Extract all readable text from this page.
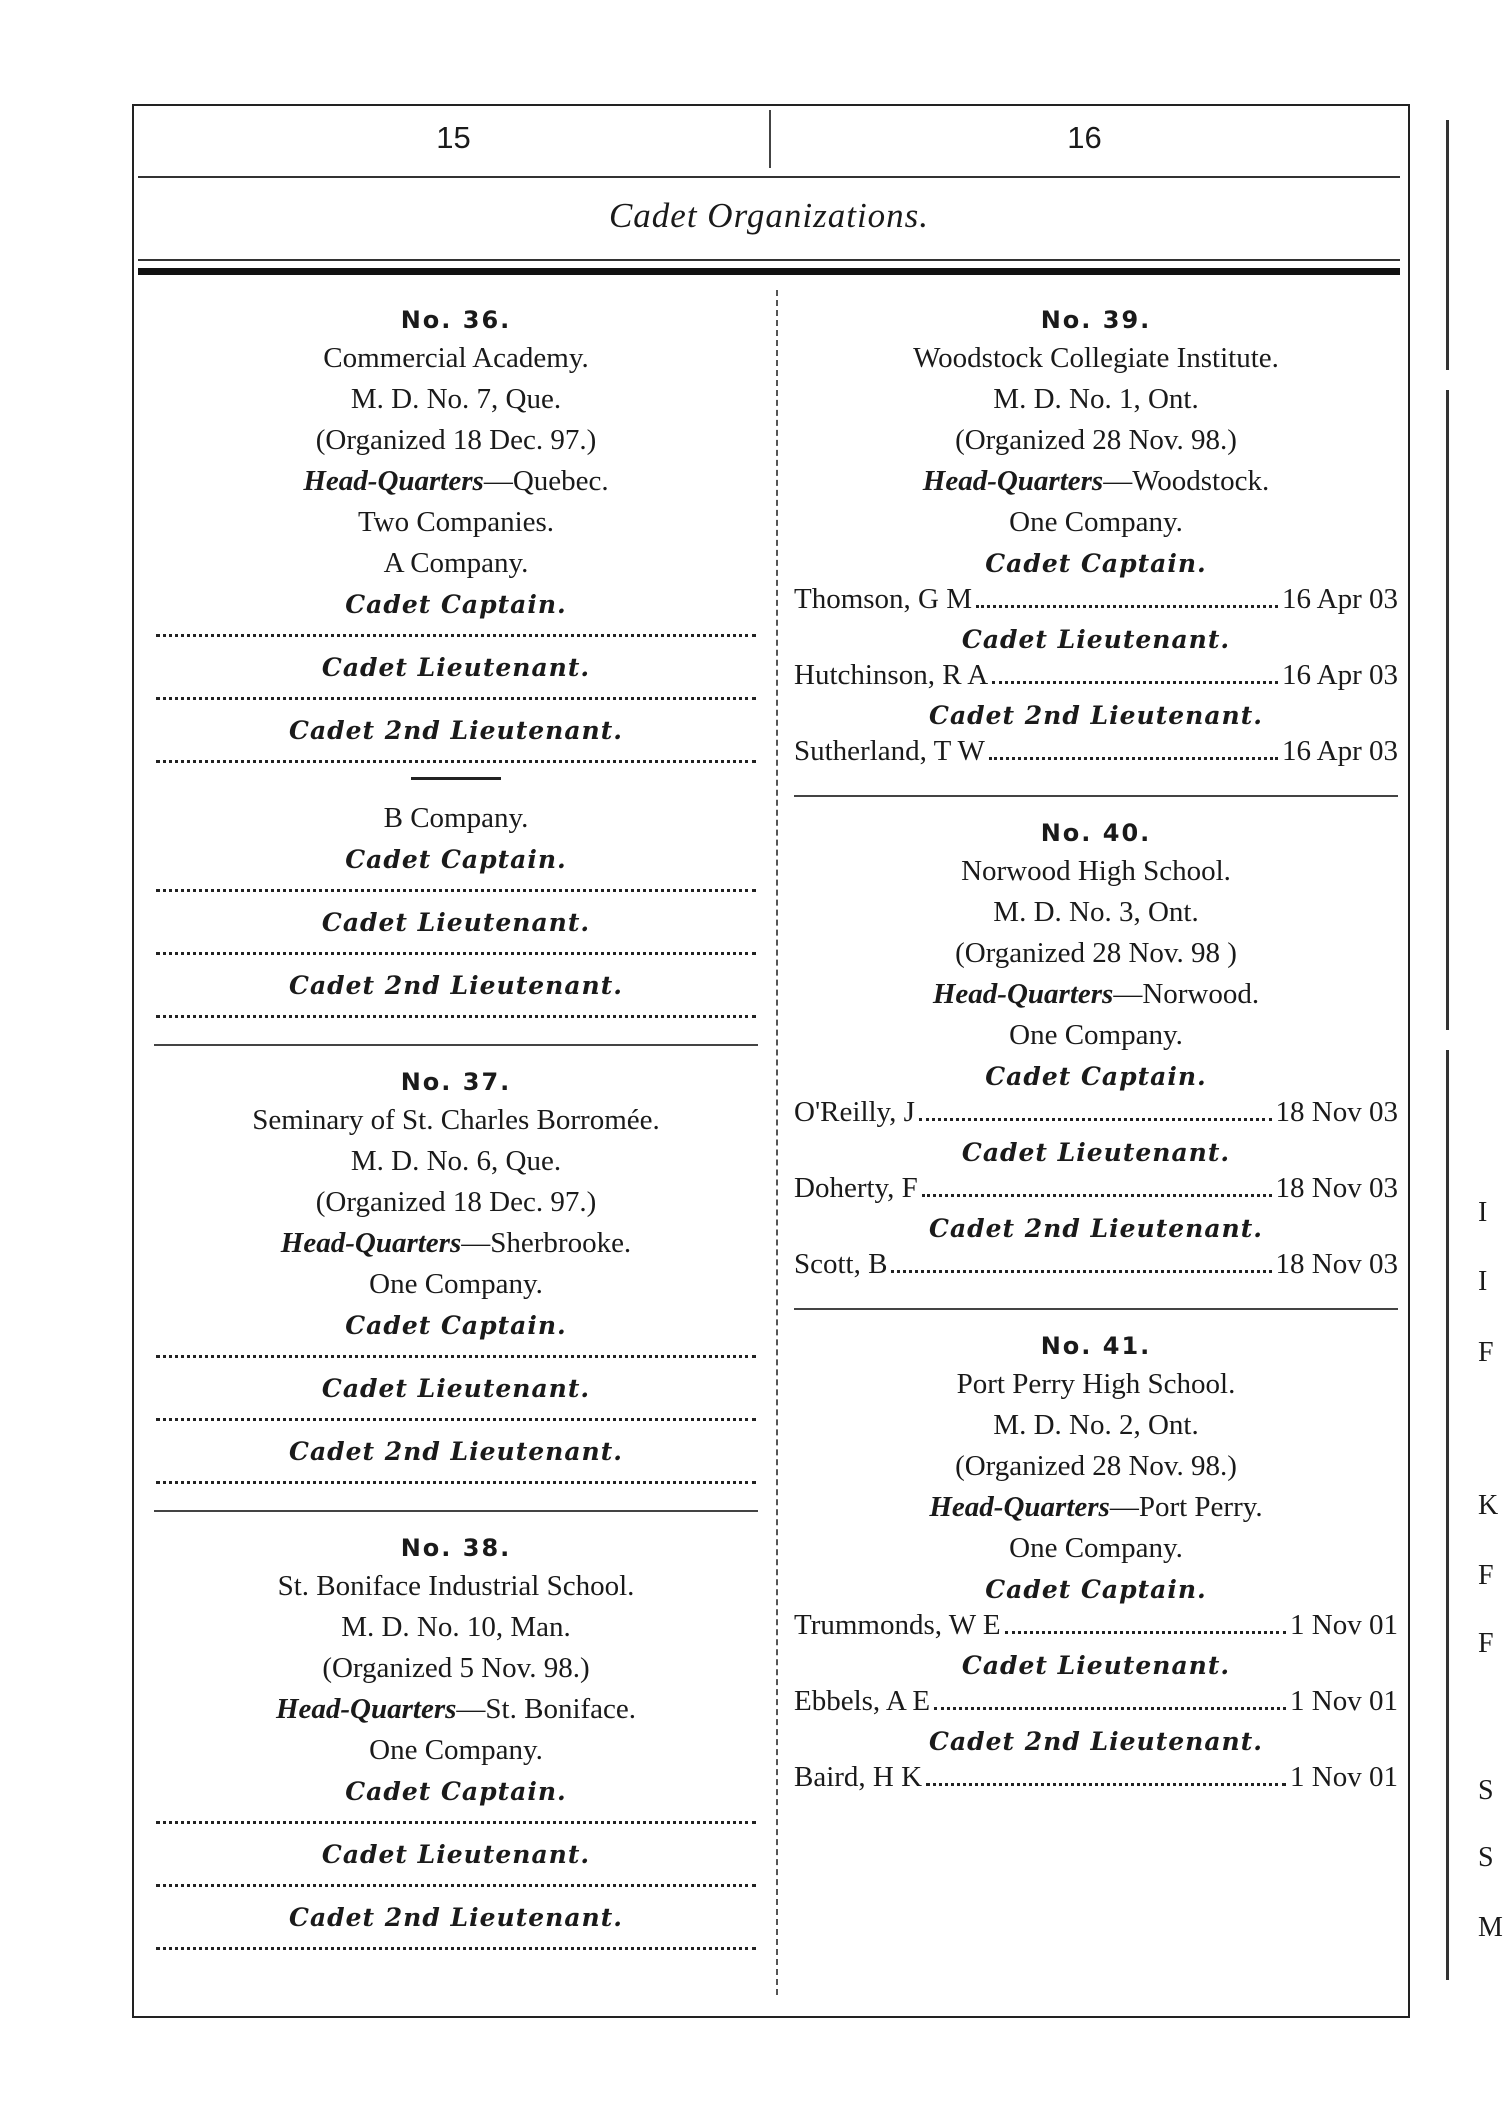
15	16
Cadet Organizations.
No. 36.
Commercial Academy.
M. D. No. 7, Que.
(Organized 18 Dec. 97.)
Head-Quarters—Quebec.
Two Companies.
A Company.
Cadet Captain.
Cadet Lieutenant.
Cadet 2nd Lieutenant.
B Company.
Cadet Captain.
Cadet Lieutenant.
Cadet 2nd Lieutenant.
No. 37.
Seminary of St. Charles Borromée.
M. D. No. 6, Que.
(Organized 18 Dec. 97.)
Head-Quarters—Sherbrooke.
One Company.
Cadet Captain.
Cadet Lieutenant.
Cadet 2nd Lieutenant.
No. 38.
St. Boniface Industrial School.
M. D. No. 10, Man.
(Organized 5 Nov. 98.)
Head-Quarters—St. Boniface.
One Company.
Cadet Captain.
Cadet Lieutenant.
Cadet 2nd Lieutenant.
No. 39.
Woodstock Collegiate Institute.
M. D. No. 1, Ont.
(Organized 28 Nov. 98.)
Head-Quarters—Woodstock.
One Company.
Cadet Captain.
Thomson, G M	16 Apr 03
Cadet Lieutenant.
Hutchinson, R A	16 Apr 03
Cadet 2nd Lieutenant.
Sutherland, T W	16 Apr 03
No. 40.
Norwood High School.
M. D. No. 3, Ont.
(Organized 28 Nov. 98 )
Head-Quarters—Norwood.
One Company.
Cadet Captain.
O'Reilly, J	18 Nov 03
Cadet Lieutenant.
Doherty, F	18 Nov 03
Cadet 2nd Lieutenant.
Scott, B	18 Nov 03
No. 41.
Port Perry High School.
M. D. No. 2, Ont.
(Organized 28 Nov. 98.)
Head-Quarters—Port Perry.
One Company.
Cadet Captain.
Trummonds, W E	1 Nov 01
Cadet Lieutenant.
Ebbels, A E	1 Nov 01
Cadet 2nd Lieutenant.
Baird, H K	1 Nov 01
I
I
F
K
F
F
S
S
M
